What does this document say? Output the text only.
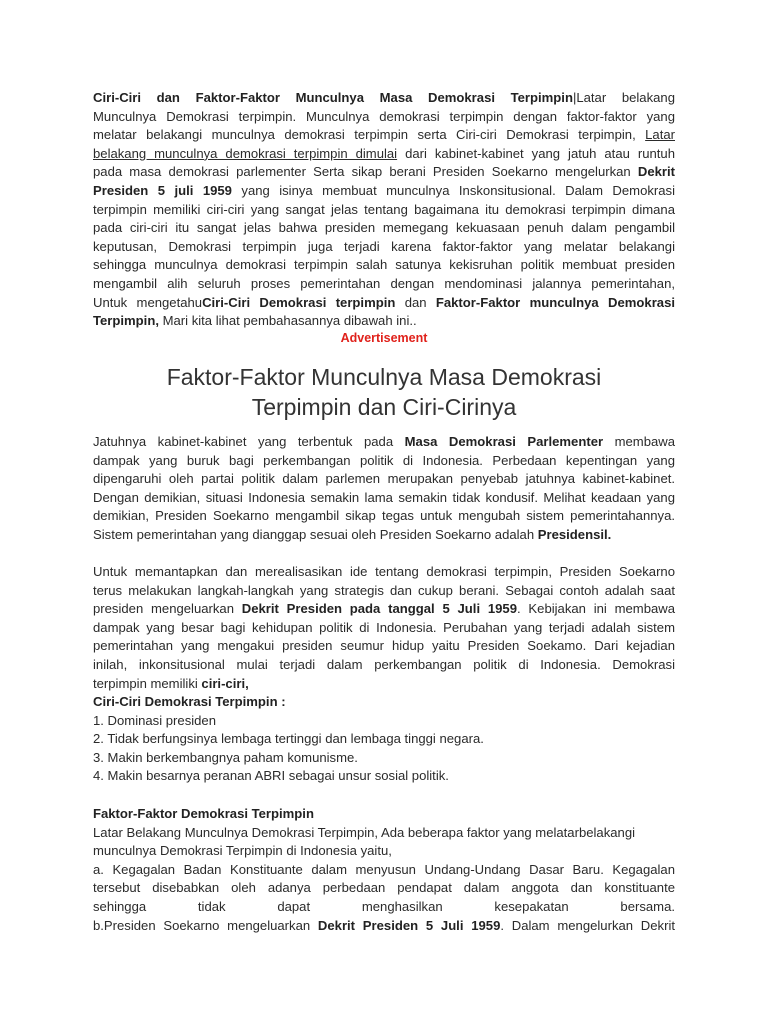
Ciri-Ciri dan Faktor-Faktor Munculnya Masa Demokrasi Terpimpin|Latar belakang

Munculnya Demokrasi terpimpin. Munculnya demokrasi terpimpin dengan faktor-faktor yang

melatar belakangi munculnya demokrasi terpimpin serta Ciri-ciri Demokrasi terpimpin, Latar

belakang munculnya demokrasi terpimpin dimulai dari kabinet-kabinet yang jatuh atau runtuh

pada masa demokrasi parlementer Serta sikap berani Presiden Soekarno mengelurkan Dekrit

Presiden 5 juli 1959 yang isinya membuat munculnya Inskonsitusional. Dalam Demokrasi

terpimpin memiliki ciri-ciri yang sangat jelas tentang bagaimana itu demokrasi terpimpin dimana

pada ciri-ciri itu sangat jelas bahwa presiden memegang kekuasaan penuh dalam pengambil

keputusan, Demokrasi terpimpin juga terjadi karena faktor-faktor yang melatar belakangi

sehingga munculnya demokrasi terpimpin salah satunya kekisruhan politik membuat presiden

mengambil alih seluruh proses pemerintahan dengan mendominasi jalannya pemerintahan,

Untuk mengetahuCiri-Ciri Demokrasi terpimpin dan Faktor-Faktor munculnya Demokrasi

Terpimpin, Mari kita lihat pembahasannya dibawah ini..

Advertisement
Faktor-Faktor Munculnya Masa Demokrasi
Terpimpin dan Ciri-Cirinya

Jatuhnya kabinet-kabinet yang terbentuk pada Masa Demokrasi Parlementer membawa

dampak yang buruk bagi perkembangan politik di Indonesia. Perbedaan kepentingan yang

dipengaruhi oleh partai politik dalam parlemen merupakan penyebab jatuhnya kabinet-kabinet.

Dengan demikian, situasi Indonesia semakin lama semakin tidak kondusif. Melihat keadaan yang

demikian, Presiden Soekarno mengambil sikap tegas untuk mengubah sistem pemerintahannya.

Sistem pemerintahan yang dianggap sesuai oleh Presiden Soekarno adalah Presidensil.

Untuk memantapkan dan merealisasikan ide tentang demokrasi terpimpin, Presiden Soekarno

terus melakukan langkah-langkah yang strategis dan cukup berani. Sebagai contoh adalah saat

presiden mengeluarkan Dekrit Presiden pada tanggal 5 Juli 1959. Kebijakan ini membawa

dampak yang besar bagi kehidupan politik di Indonesia. Perubahan yang terjadi adalah sistem

pemerintahan yang mengakui presiden seumur hidup yaitu Presiden Soekamo. Dari kejadian

inilah, inkonsitusional mulai terjadi dalam perkembangan politik di Indonesia. Demokrasi

terpimpin memiliki ciri-ciri,

Ciri-Ciri Demokrasi Terpimpin :

1. Dominasi presiden

2. Tidak berfungsinya lembaga tertinggi dan lembaga tinggi negara.

3. Makin berkembangnya paham komunisme.

4. Makin besarnya peranan ABRI sebagai unsur sosial politik.

Faktor-Faktor Demokrasi Terpimpin

Latar Belakang Munculnya Demokrasi Terpimpin, Ada beberapa faktor yang melatarbelakangi

munculnya Demokrasi Terpimpin di Indonesia yaitu,

a. Kegagalan Badan Konstituante dalam menyusun Undang-Undang Dasar Baru. Kegagalan

tersebut disebabkan oleh adanya perbedaan pendapat dalam anggota dan konstituante

sehingga tidak dapat menghasilkan kesepakatan bersama.

b.Presiden Soekarno mengeluarkan Dekrit Presiden 5 Juli 1959. Dalam mengelurkan Dekrit
